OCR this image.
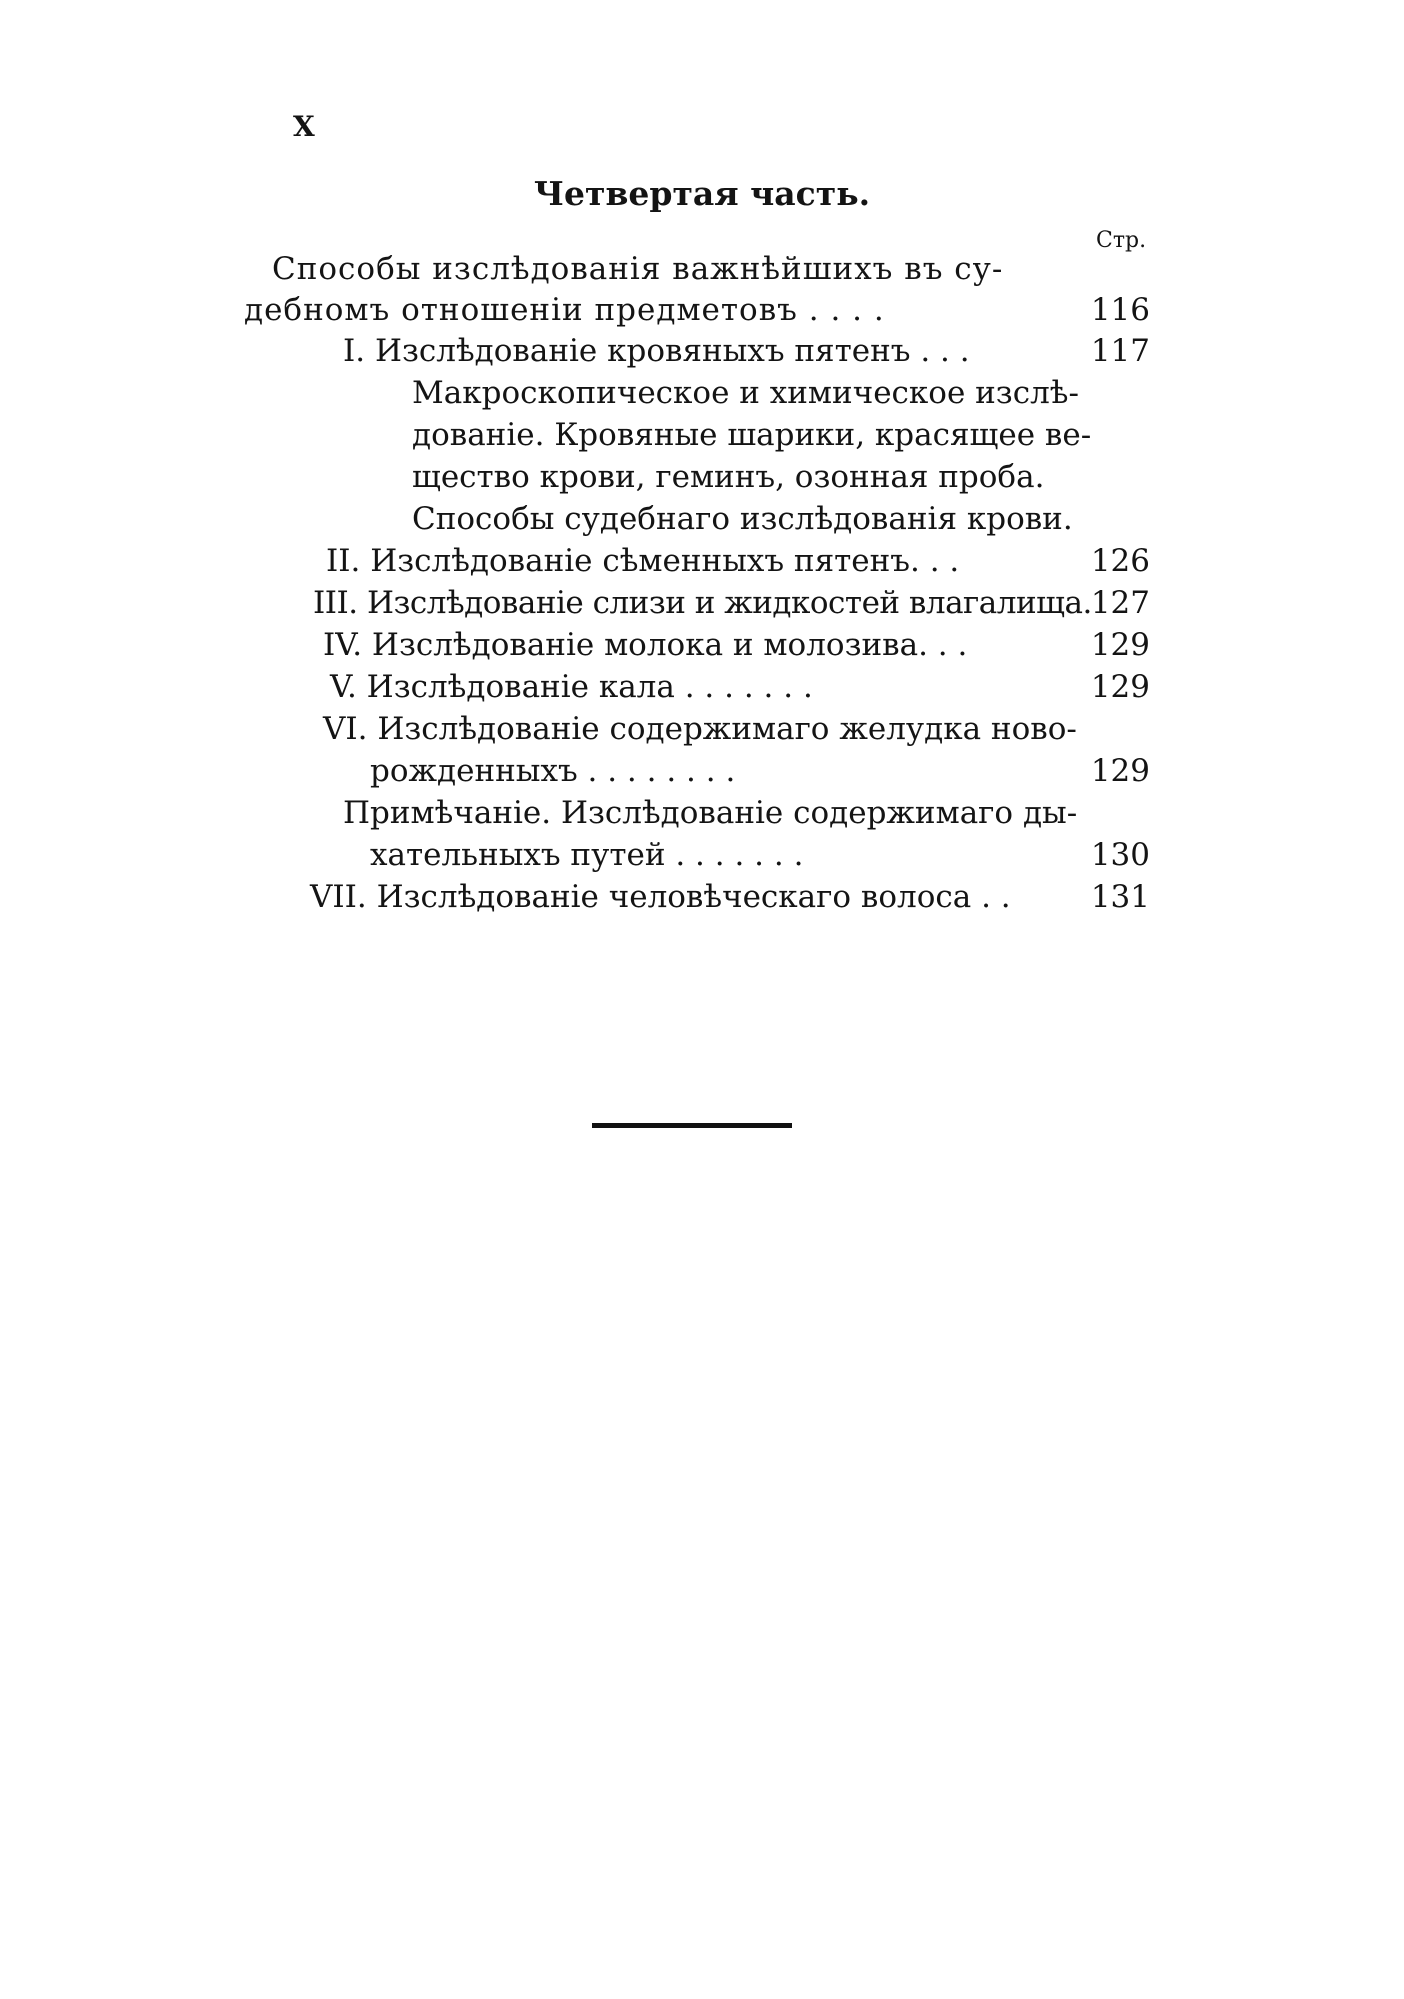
X
Четвертая часть.
Стр.
Способы изслѣдованія важнѣйшихъ въ су-
дебномъ отношеніи предметовъ . . . .	116
I. Изслѣдованіе кровяныхъ пятенъ . . .	117
Макроскопическое и химическое изслѣ-
дованіе. Кровяные шарики, красящее ве-
щество крови, геминъ, озонная проба.
Способы судебнаго изслѣдованія крови.
II. Изслѣдованіе сѣменныхъ пятенъ. . .	126
III. Изслѣдованіе слизи и жидкостей влагалища. 127
IV. Изслѣдованіе молока и молозива. . .	129
V. Изслѣдованіе кала . . . . . . .	129
VI. Изслѣдованіе содержимаго желудка ново-
рожденныхъ . . . . . . . .	129
Примѣчаніе. Изслѣдованіе содержимаго ды-
хательныхъ путей . . . . . . .	130
VII. Изслѣдованіе человѣческаго волоса . .	131
